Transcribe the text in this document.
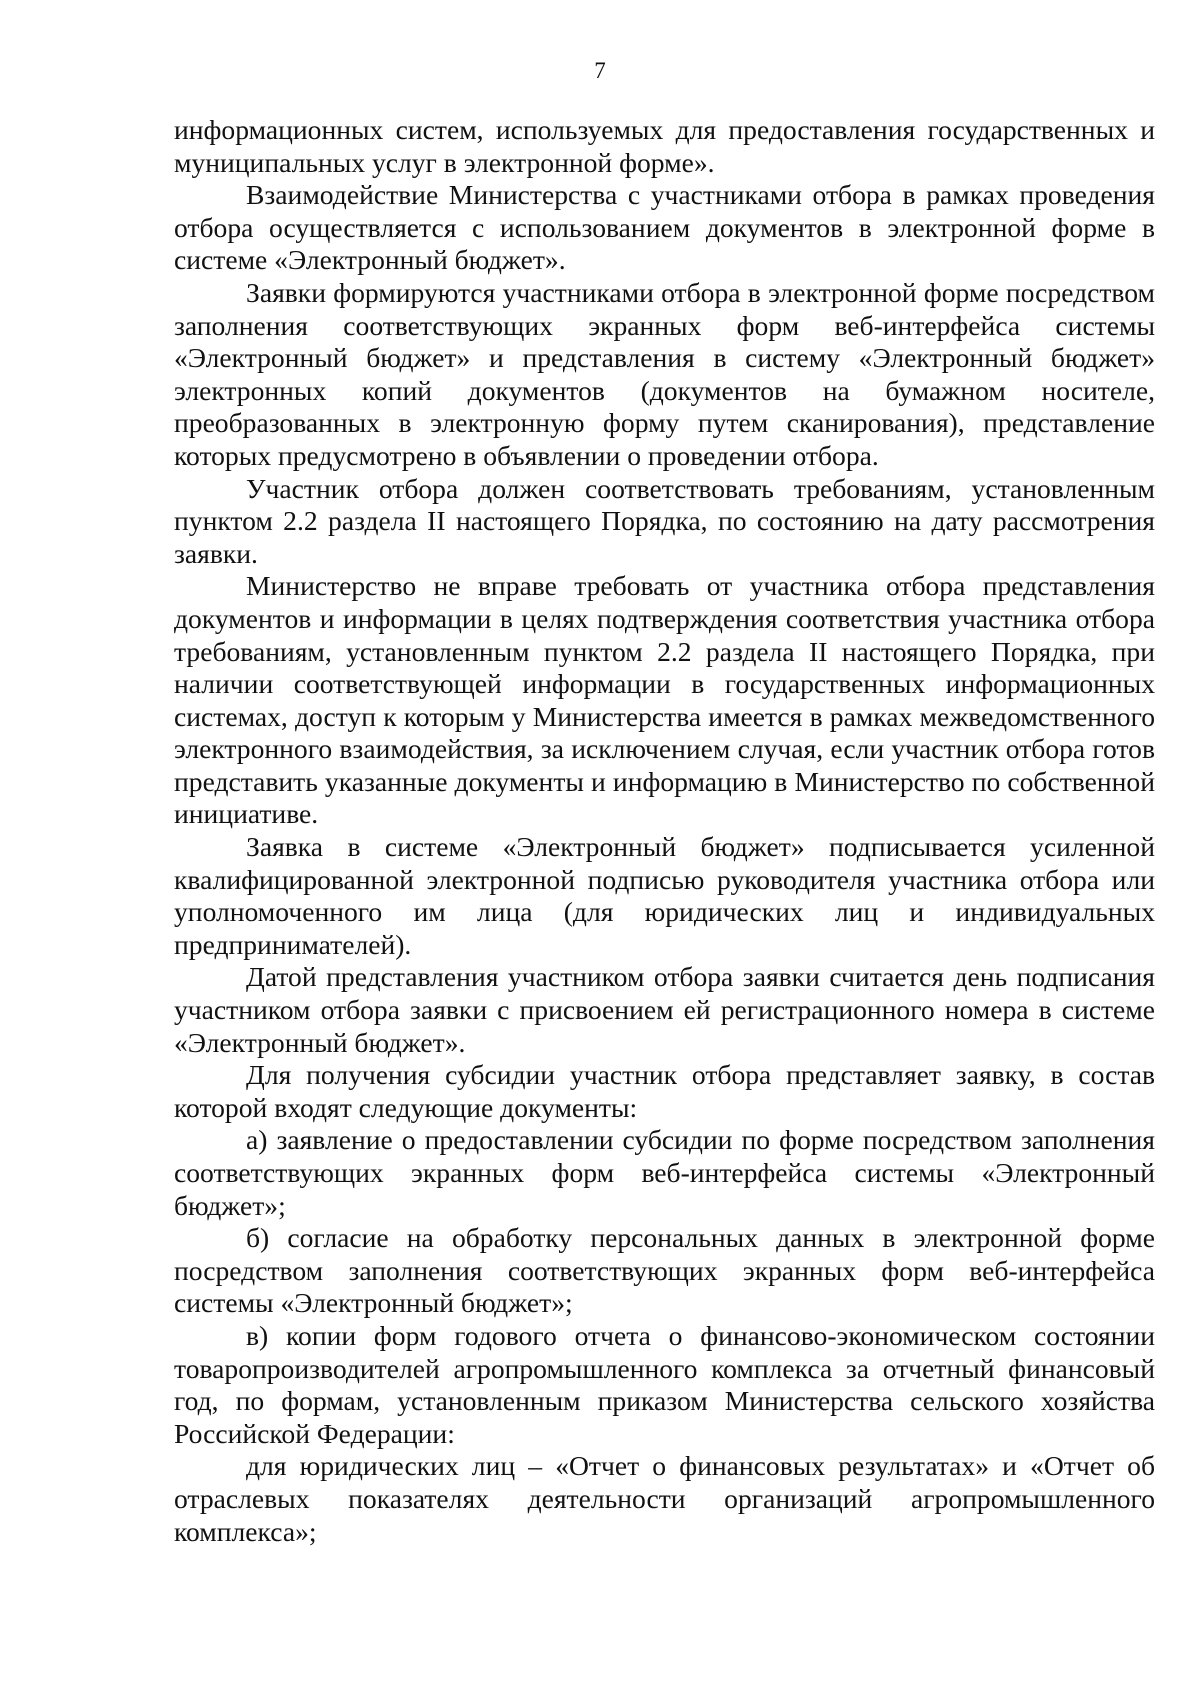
7

информационных систем, используемых для предоставления государственных и муниципальных услуг в электронной форме».

Взаимодействие Министерства с участниками отбора в рамках проведения отбора осуществляется с использованием документов в электронной форме в системе «Электронный бюджет».

Заявки формируются участниками отбора в электронной форме посредством заполнения соответствующих экранных форм веб-интерфейса системы «Электронный бюджет» и представления в систему «Электронный бюджет» электронных копий документов (документов на бумажном носителе, преобразованных в электронную форму путем сканирования), представление которых предусмотрено в объявлении о проведении отбора.

Участник отбора должен соответствовать требованиям, установленным пунктом 2.2 раздела II настоящего Порядка, по состоянию на дату рассмотрения заявки.

Министерство не вправе требовать от участника отбора представления документов и информации в целях подтверждения соответствия участника отбора требованиям, установленным пунктом 2.2 раздела II настоящего Порядка, при наличии соответствующей информации в государственных информационных системах, доступ к которым у Министерства имеется в рамках межведомственного электронного взаимодействия, за исключением случая, если участник отбора готов представить указанные документы и информацию в Министерство по собственной инициативе.

Заявка в системе «Электронный бюджет» подписывается усиленной квалифицированной электронной подписью руководителя участника отбора или уполномоченного им лица (для юридических лиц и индивидуальных предпринимателей).

Датой представления участником отбора заявки считается день подписания участником отбора заявки с присвоением ей регистрационного номера в системе «Электронный бюджет».

Для получения субсидии участник отбора представляет заявку, в состав которой входят следующие документы:

а) заявление о предоставлении субсидии по форме посредством заполнения соответствующих экранных форм веб-интерфейса системы «Электронный бюджет»;

б) согласие на обработку персональных данных в электронной форме посредством заполнения соответствующих экранных форм веб-интерфейса системы «Электронный бюджет»;

в) копии форм годового отчета о финансово-экономическом состоянии товаропроизводителей агропромышленного комплекса за отчетный финансовый год, по формам, установленным приказом Министерства сельского хозяйства Российской Федерации:

для юридических лиц – «Отчет о финансовых результатах» и «Отчет об отраслевых показателях деятельности организаций агропромышленного комплекса»;
